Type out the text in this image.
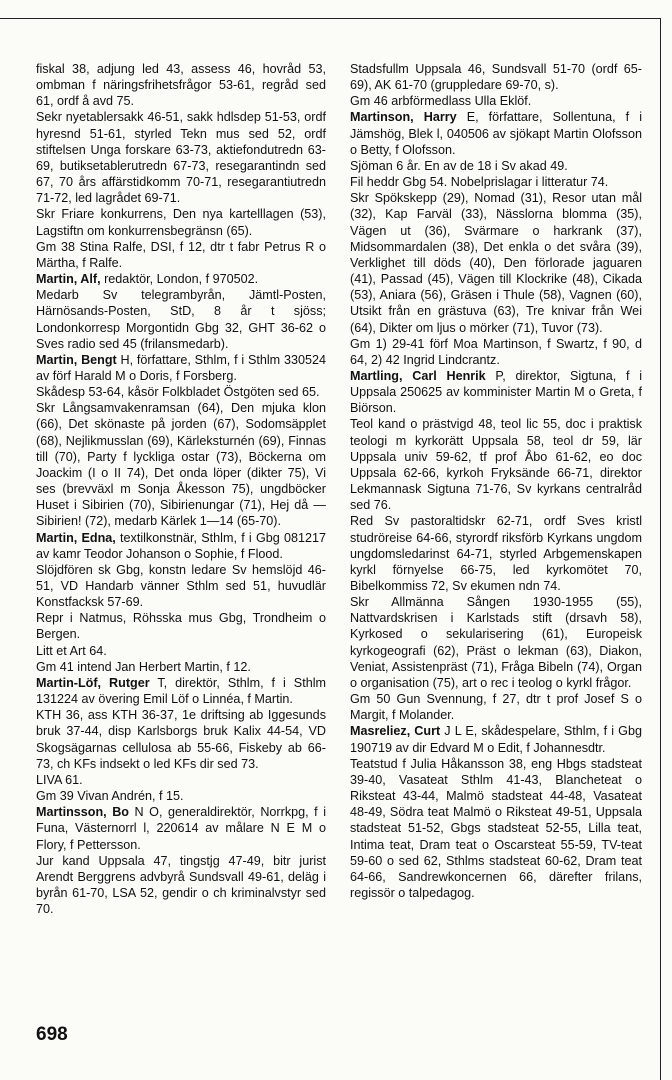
fiskal 38, adjung led 43, assess 46, hovråd 53, ombman f näringsfrihetsfrågor 53-61, regråd sed 61, ordf å avd 75.

Sekr nyetablersakk 46-51, sakk hdlsdep 51-53, ordf hyresnd 51-61, styrled Tekn mus sed 52, ordf stiftelsen Unga forskare 63-73, aktiefondutredn 63-69, butiksetablerutredn 67-73, resegarantindn sed 67, 70 års affärstidkomm 70-71, resegarantiutredn 71-72, led lagrådet 69-71.

Skr Friare konkurrens, Den nya kartelllagen (53), Lagstiftn om konkurrensbegränsn (65).

Gm 38 Stina Ralfe, DSI, f 12, dtr t fabr Petrus R o Märtha, f Ralfe.

Martin, Alf, redaktör, London, f 970502.

Medarb Sv telegrambyrån, Jämtl-Posten, Härnösands-Posten, StD, 8 år t sjöss; Londonkorresp Morgontidn Gbg 32, GHT 36-62 o Sves radio sed 45 (frilansmedarb).

Martin, Bengt H, författare, Sthlm, f i Sthlm 330524 av förf Harald M o Doris, f Forsberg.

Skådesp 53-64, kåsör Folkbladet Östgöten sed 65.

Skr Långsamvakenramsan (64), Den mjuka klon (66), Det skönaste på jorden (67), Sodomsäpplet (68), Nejlikmusslan (69), Kärleksturnén (69), Finnas till (70), Party f lyckliga ostar (73), Böckerna om Joackim (I o II 74), Det onda löper (dikter 75), Vi ses (brevväxl m Sonja Åkesson 75), ungdböcker Huset i Sibirien (70), Sibirienungar (71), Hej då — Sibirien! (72), medarb Kärlek 1—14 (65-70).

Martin, Edna, textilkonstnär, Sthlm, f i Gbg 081217 av kamr Teodor Johanson o Sophie, f Flood.

Slöjdfören sk Gbg, konstn ledare Sv hemslöjd 46-51, VD Handarb vänner Sthlm sed 51, huvudlär Konstfacksk 57-69.

Repr i Natmus, Röhsska mus Gbg, Trondheim o Bergen.

Litt et Art 64.

Gm 41 intend Jan Herbert Martin, f 12.

Martin-Löf, Rutger T, direktör, Sthlm, f i Sthlm 131224 av övering Emil Löf o Linnéa, f Martin.

KTH 36, ass KTH 36-37, 1e driftsing ab Iggesunds bruk 37-44, disp Karlsborgs bruk Kalix 44-54, VD Skogsägarnas cellulosa ab 55-66, Fiskeby ab 66-73, ch KFs indsekt o led KFs dir sed 73.

LIVA 61.

Gm 39 Vivan Andrén, f 15.

Martinsson, Bo N O, generaldirektör, Norrkpg, f i Funa, Västernorrl l, 220614 av målare N E M o Flory, f Pettersson.

Jur kand Uppsala 47, tingstjg 47-49, bitr jurist Arendt Berggrens advbyrå Sundsvall 49-61, deläg i byrån 61-70, LSA 52, gendir o ch kriminalvstyr sed 70.

Stadsfullm Uppsala 46, Sundsvall 51-70 (ordf 65-69), AK 61-70 (gruppledare 69-70, s).

Gm 46 arbförmedlass Ulla Eklöf.

Martinson, Harry E, författare, Sollentuna, f i Jämshög, Blek l, 040506 av sjökapt Martin Olofsson o Betty, f Olofsson.

Sjöman 6 år. En av de 18 i Sv akad 49.

Fil heddr Gbg 54. Nobelprislagar i litteratur 74.

Skr Spökskepp (29), Nomad (31), Resor utan mål (32), Kap Farväl (33), Nässlorna blomma (35), Vägen ut (36), Svärmare o harkrank (37), Midsommardalen (38), Det enkla o det svåra (39), Verklighet till döds (40), Den förlorade jaguaren (41), Passad (45), Vägen till Klockrike (48), Cikada (53), Aniara (56), Gräsen i Thule (58), Vagnen (60), Utsikt från en grästuva (63), Tre knivar från Wei (64), Dikter om ljus o mörker (71), Tuvor (73).

Gm 1) 29-41 förf Moa Martinson, f Swartz, f 90, d 64, 2) 42 Ingrid Lindcrantz.

Martling, Carl Henrik P, direktor, Sigtuna, f i Uppsala 250625 av komminister Martin M o Greta, f Biörson.

Teol kand o prästvigd 48, teol lic 55, doc i praktisk teologi m kyrkorätt Uppsala 58, teol dr 59, lär Uppsala univ 59-62, tf prof Åbo 61-62, eo doc Uppsala 62-66, kyrkoh Fryksände 66-71, direktor Lekmannask Sigtuna 71-76, Sv kyrkans centralråd sed 76.

Red Sv pastoraltidskr 62-71, ordf Sves kristl studröreise 64-66, styrordf riksförb Kyrkans ungdom ungdomsledarinst 64-71, styrled Arbgemenskapen kyrkl förnyelse 66-75, led kyrkomötet 70, Bibelkommiss 72, Sv ekumen ndn 74.

Skr Allmänna Sången 1930-1955 (55), Nattvardskrisen i Karlstads stift (drsavh 58), Kyrkosed o sekularisering (61), Europeisk kyrkogeografi (62), Präst o lekman (63), Diakon, Veniat, Assistenpräst (71), Fråga Bibeln (74), Organ o organisation (75), art o rec i teolog o kyrkl frågor.

Gm 50 Gun Svennung, f 27, dtr t prof Josef S o Margit, f Molander.

Masreliez, Curt J L E, skådespelare, Sthlm, f i Gbg 190719 av dir Edvard M o Edit, f Johannesdtr.

Teatstud f Julia Håkansson 38, eng Hbgs stadsteat 39-40, Vasateat Sthlm 41-43, Blancheteat o Riksteat 43-44, Malmö stadsteat 44-48, Vasateat 48-49, Södra teat Malmö o Riksteat 49-51, Uppsala stadsteat 51-52, Gbgs stadsteat 52-55, Lilla teat, Intima teat, Dram teat o Oscarsteat 55-59, TV-teat 59-60 o sed 62, Sthlms stadsteat 60-62, Dram teat 64-66, Sandrewkoncernen 66, därefter frilans, regissör o talpedagog.

698
